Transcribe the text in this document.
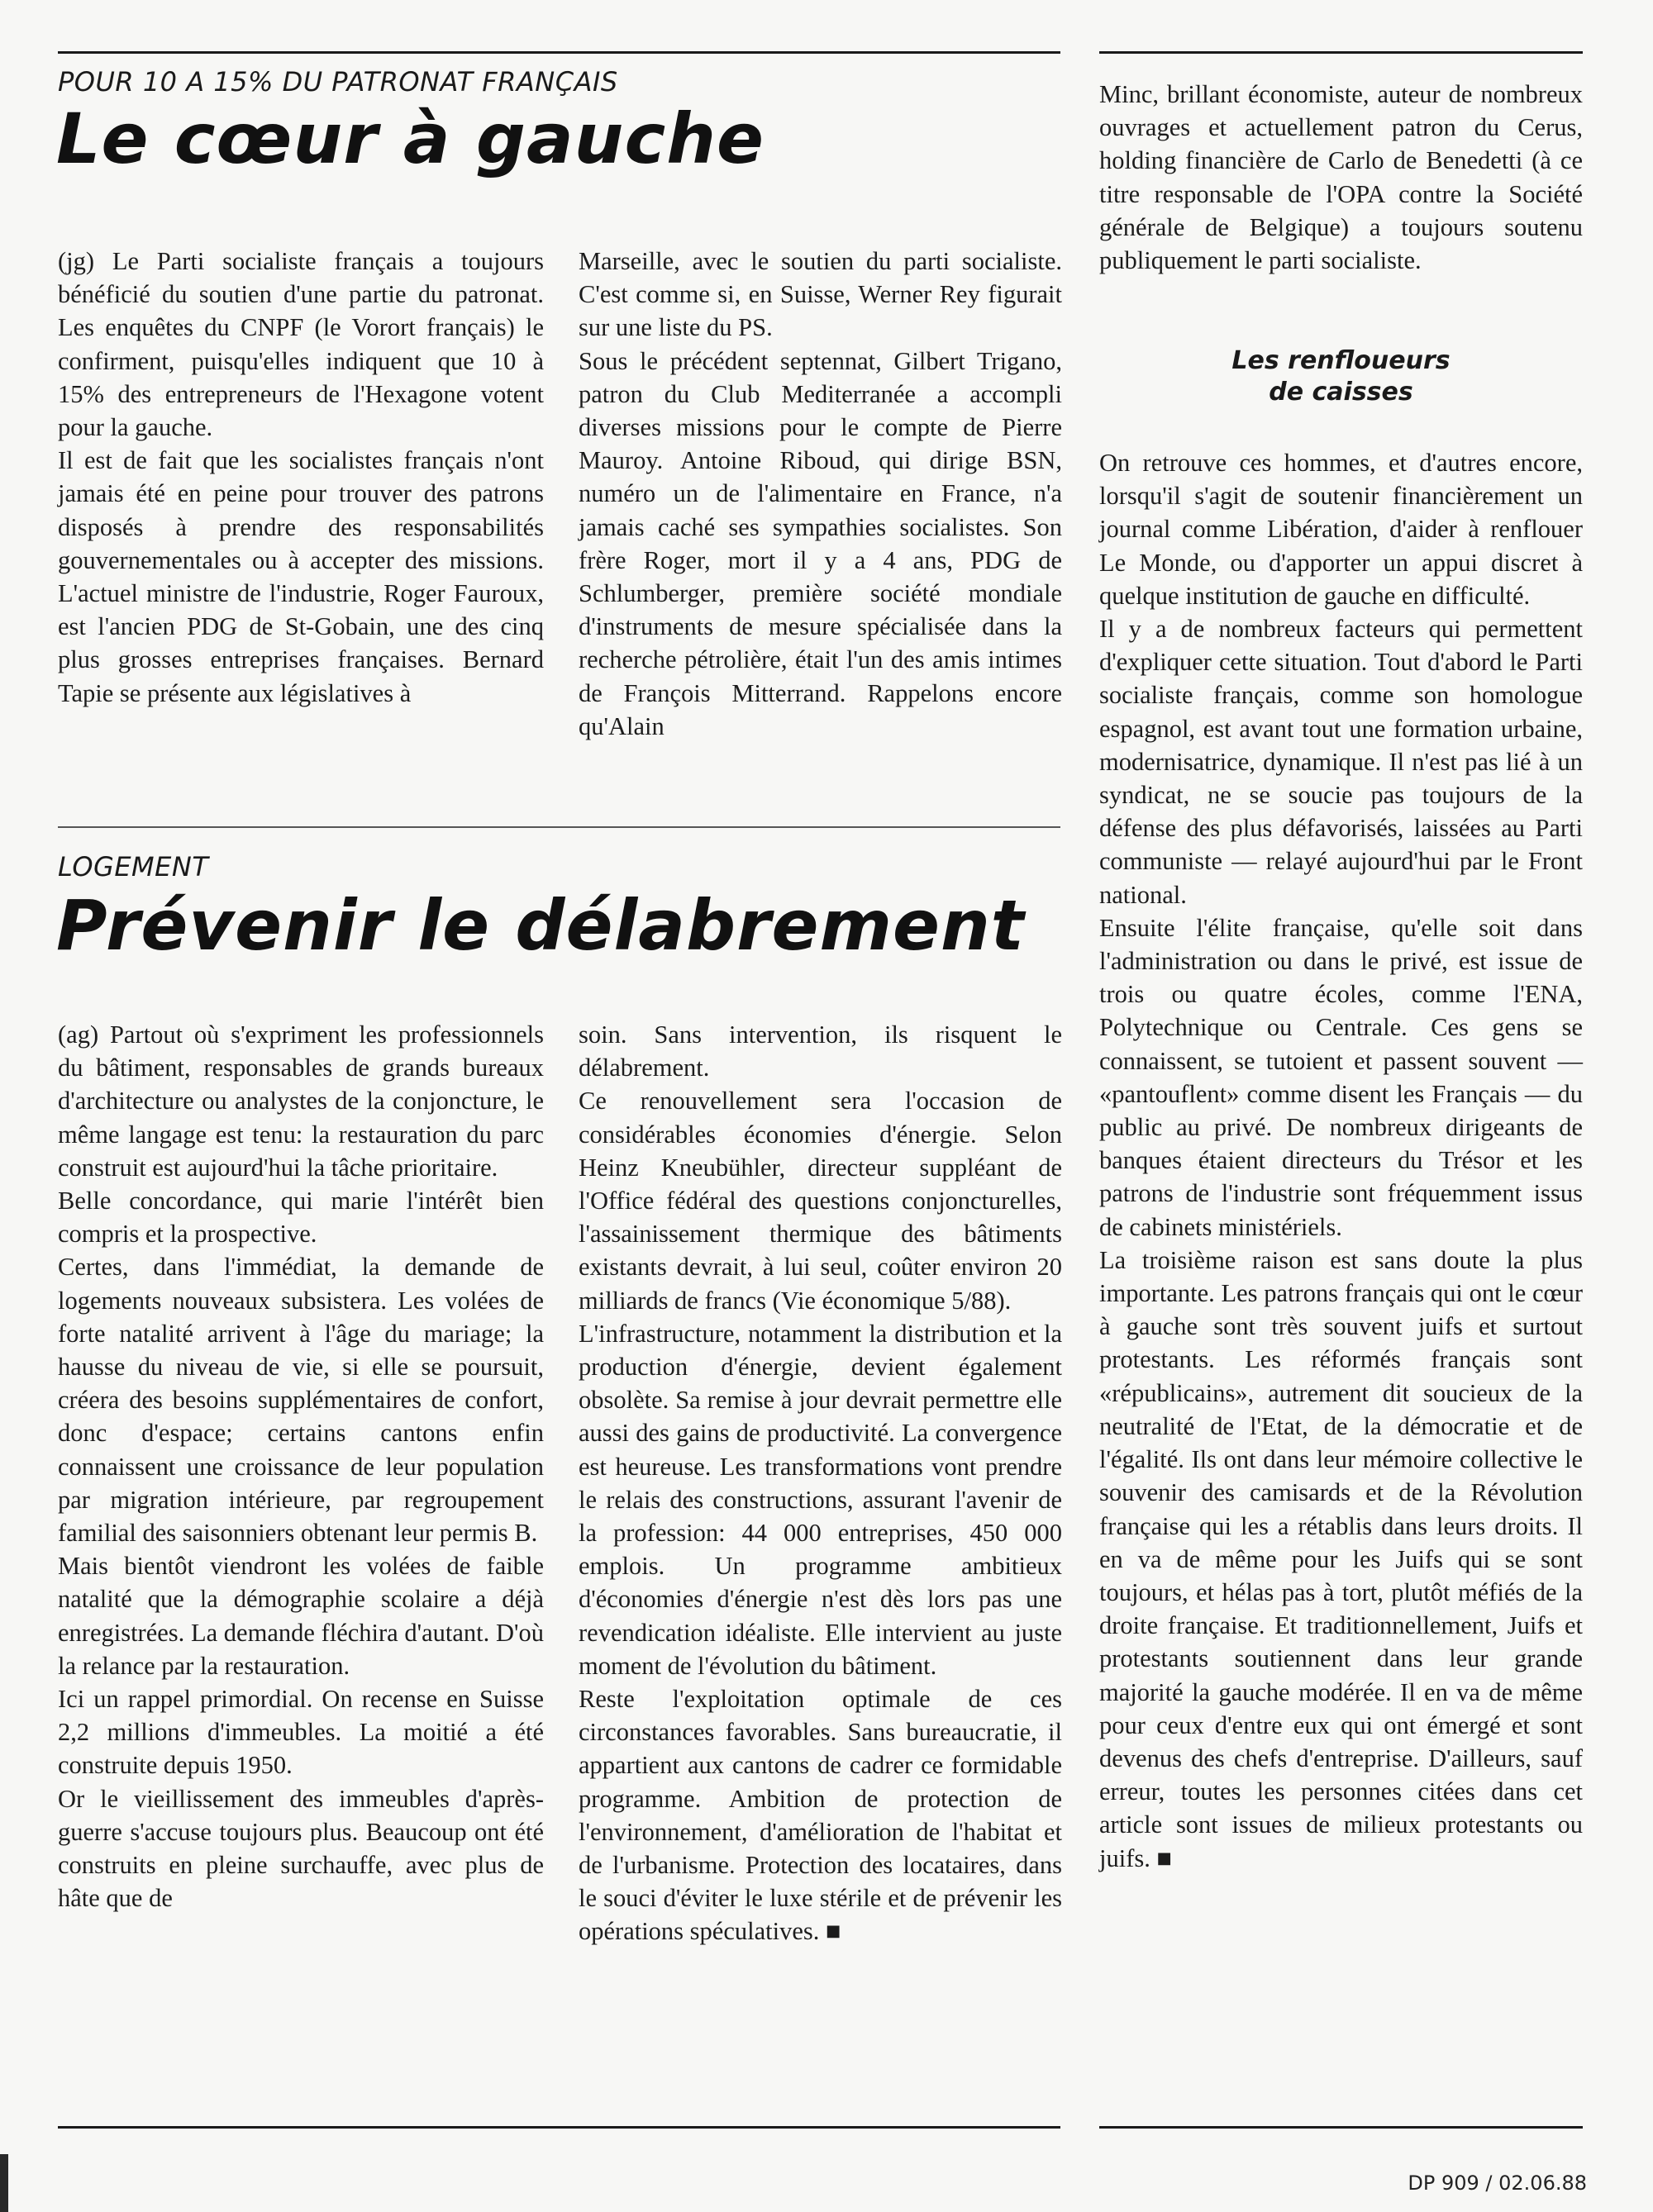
POUR 10 A 15% DU PATRONAT FRANÇAIS
Le cœur à gauche

(jg) Le Parti socialiste français a toujours bénéficié du soutien d'une partie du patronat. Les enquêtes du CNPF (le Vorort français) le confirment, puisqu'elles indiquent que 10 à 15% des entrepreneurs de l'Hexagone votent pour la gauche.

Il est de fait que les socialistes français n'ont jamais été en peine pour trouver des patrons disposés à prendre des responsabilités gouvernementales ou à accepter des missions. L'actuel ministre de l'industrie, Roger Fauroux, est l'ancien PDG de St-Gobain, une des cinq plus grosses entreprises françaises. Bernard Tapie se présente aux législatives à

Marseille, avec le soutien du parti socialiste. C'est comme si, en Suisse, Werner Rey figurait sur une liste du PS.

Sous le précédent septennat, Gilbert Trigano, patron du Club Mediterranée a accompli diverses missions pour le compte de Pierre Mauroy. Antoine Riboud, qui dirige BSN, numéro un de l'alimentaire en France, n'a jamais caché ses sympathies socialistes. Son frère Roger, mort il y a 4 ans, PDG de Schlumberger, première société mondiale d'instruments de mesure spécialisée dans la recherche pétrolière, était l'un des amis intimes de François Mitterrand. Rappelons encore qu'Alain

Minc, brillant économiste, auteur de nombreux ouvrages et actuellement patron du Cerus, holding financière de Carlo de Benedetti (à ce titre responsable de l'OPA contre la Société générale de Belgique) a toujours soutenu publiquement le parti socialiste.

Les renfloueurs
de caisses

On retrouve ces hommes, et d'autres encore, lorsqu'il s'agit de soutenir financièrement un journal comme Libération, d'aider à renflouer Le Monde, ou d'apporter un appui discret à quelque institution de gauche en difficulté.

Il y a de nombreux facteurs qui permettent d'expliquer cette situation. Tout d'abord le Parti socialiste français, comme son homologue espagnol, est avant tout une formation urbaine, modernisatrice, dynamique. Il n'est pas lié à un syndicat, ne se soucie pas toujours de la défense des plus défavorisés, laissées au Parti communiste — relayé aujourd'hui par le Front national.

Ensuite l'élite française, qu'elle soit dans l'administration ou dans le privé, est issue de trois ou quatre écoles, comme l'ENA, Polytechnique ou Centrale. Ces gens se connaissent, se tutoient et passent souvent — «pantouflent» comme disent les Français — du public au privé. De nombreux dirigeants de banques étaient directeurs du Trésor et les patrons de l'industrie sont fréquemment issus de cabinets ministériels.

La troisième raison est sans doute la plus importante. Les patrons français qui ont le cœur à gauche sont très souvent juifs et surtout protestants. Les réformés français sont «républicains», autrement dit soucieux de la neutralité de l'Etat, de la démocratie et de l'égalité. Ils ont dans leur mémoire collective le souvenir des camisards et de la Révolution française qui les a rétablis dans leurs droits. Il en va de même pour les Juifs qui se sont toujours, et hélas pas à tort, plutôt méfiés de la droite française. Et traditionnellement, Juifs et protestants soutiennent dans leur grande majorité la gauche modérée. Il en va de même pour ceux d'entre eux qui ont émergé et sont devenus des chefs d'entreprise. D'ailleurs, sauf erreur, toutes les personnes citées dans cet article sont issues de milieux protestants ou juifs. ■

LOGEMENT
Prévenir le délabrement

(ag) Partout où s'expriment les professionnels du bâtiment, responsables de grands bureaux d'architecture ou analystes de la conjoncture, le même langage est tenu: la restauration du parc construit est aujourd'hui la tâche prioritaire.

Belle concordance, qui marie l'intérêt bien compris et la prospective.

Certes, dans l'immédiat, la demande de logements nouveaux subsistera. Les volées de forte natalité arrivent à l'âge du mariage; la hausse du niveau de vie, si elle se poursuit, créera des besoins supplémentaires de confort, donc d'espace; certains cantons enfin connaissent une croissance de leur population par migration intérieure, par regroupement familial des saisonniers obtenant leur permis B.

Mais bientôt viendront les volées de faible natalité que la démographie scolaire a déjà enregistrées. La demande fléchira d'autant. D'où la relance par la restauration.

Ici un rappel primordial. On recense en Suisse 2,2 millions d'immeubles. La moitié a été construite depuis 1950.

Or le vieillissement des immeubles d'après-guerre s'accuse toujours plus. Beaucoup ont été construits en pleine surchauffe, avec plus de hâte que de

soin. Sans intervention, ils risquent le délabrement.

Ce renouvellement sera l'occasion de considérables économies d'énergie. Selon Heinz Kneubühler, directeur suppléant de l'Office fédéral des questions conjoncturelles, l'assainissement thermique des bâtiments existants devrait, à lui seul, coûter environ 20 milliards de francs (Vie économique 5/88).

L'infrastructure, notamment la distribution et la production d'énergie, devient également obsolète. Sa remise à jour devrait permettre elle aussi des gains de productivité. La convergence est heureuse. Les transformations vont prendre le relais des constructions, assurant l'avenir de la profession: 44 000 entreprises, 450 000 emplois. Un programme ambitieux d'économies d'énergie n'est dès lors pas une revendication idéaliste. Elle intervient au juste moment de l'évolution du bâtiment.

Reste l'exploitation optimale de ces circonstances favorables. Sans bureaucratie, il appartient aux cantons de cadrer ce formidable programme. Ambition de protection de l'environnement, d'amélioration de l'habitat et de l'urbanisme. Protection des locataires, dans le souci d'éviter le luxe stérile et de prévenir les opérations spéculatives. ■

DP 909 / 02.06.88
